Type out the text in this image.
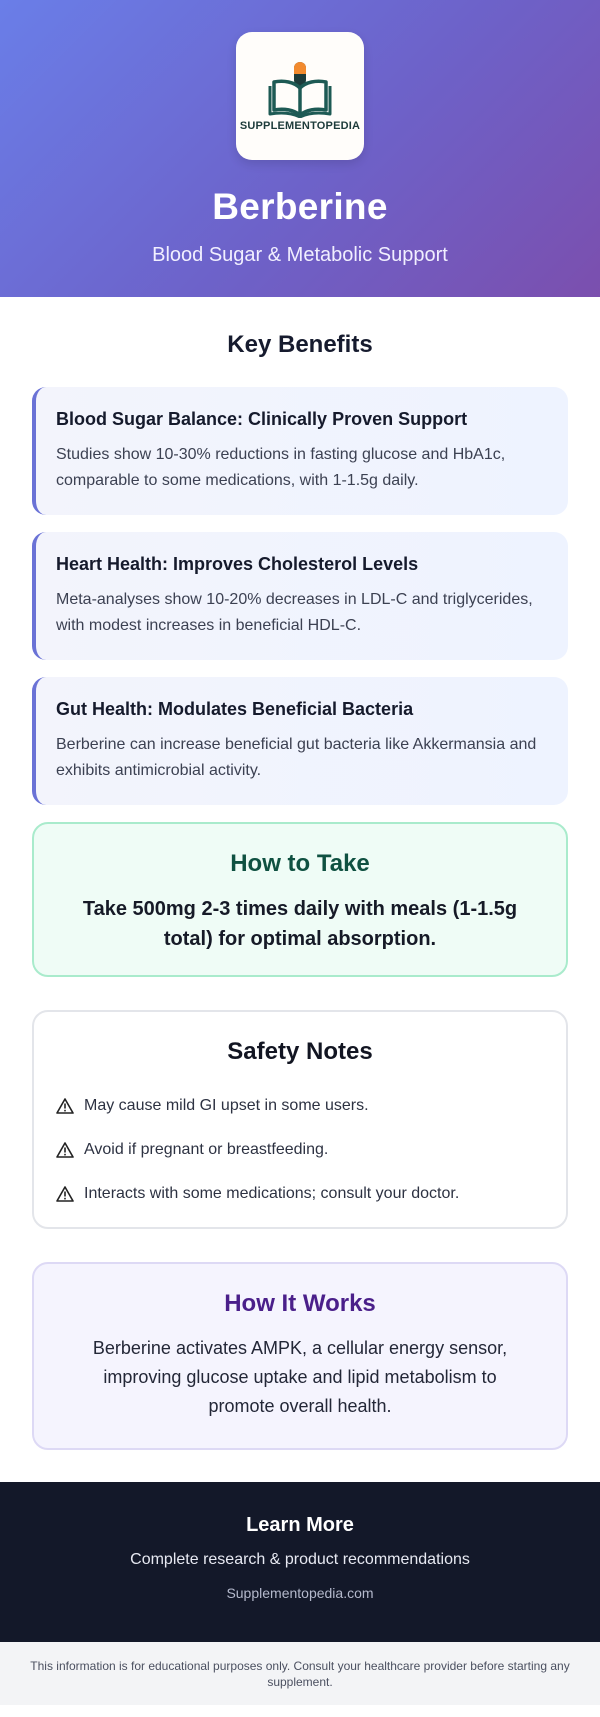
SUPPLEMENTOPEDIA
Berberine
Blood Sugar & Metabolic Support
Key Benefits
Blood Sugar Balance: Clinically Proven Support

Studies show 10-30% reductions in fasting glucose and HbA1c, comparable to some medications, with 1-1.5g daily.

Heart Health: Improves Cholesterol Levels

Meta-analyses show 10-20% decreases in LDL-C and triglycerides, with modest increases in beneficial HDL-C.

Gut Health: Modulates Beneficial Bacteria

Berberine can increase beneficial gut bacteria like Akkermansia and exhibits antimicrobial activity.

How to Take

Take 500mg 2-3 times daily with meals (1-1.5g total) for optimal absorption.

Safety Notes
May cause mild GI upset in some users.
Avoid if pregnant or breastfeeding.
Interacts with some medications; consult your doctor.
How It Works

Berberine activates AMPK, a cellular energy sensor, improving glucose uptake and lipid metabolism to promote overall health.

Learn More
Complete research & product recommendations
Supplementopedia.com
This information is for educational purposes only. Consult your healthcare provider before starting any supplement.
